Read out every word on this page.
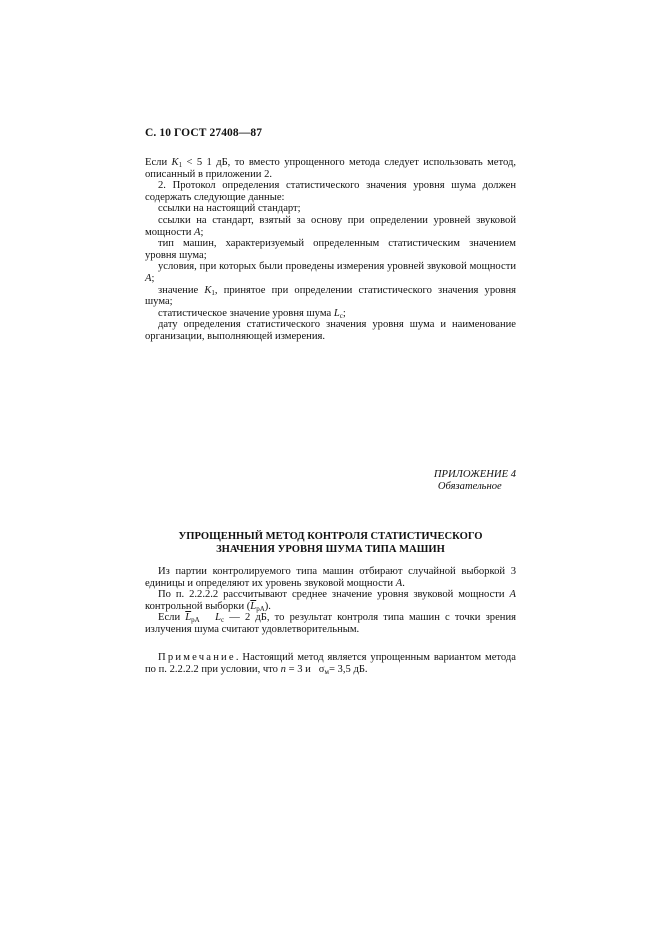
С. 10 ГОСТ 27408—87

Если $K_1 < 5$ 1 дБ, то вместо упрощенного метода следует использовать метод, описанный в приложении 2.

2. Протокол определения статистического значения уровня шума должен содержать следующие данные:

ссылки на настоящий стандарт;

ссылки на стандарт, взятый за основу при определении уровней звуковой мощности А;

тип машин, характеризуемый определенным статистическим значением уровня шума;

условия, при которых были проведены измерения уровней звуковой мощности А;

значение $K_1$, принятое при определении статистического значения уровня шума;

статистическое значение уровня шума $L_c$;

дату определения статистического значения уровня шума и наименование организации, выполняющей измерения.

ПРИЛОЖЕНИЕ 4
Обязательное
УПРОЩЕННЫЙ МЕТОД КОНТРОЛЯ СТАТИСТИЧЕСКОГО
ЗНАЧЕНИЯ УРОВНЯ ШУМА ТИПА МАШИН

Из партии контролируемого типа машин отбирают случайной выборкой 3 единицы и определяют их уровень звуковой мощности А.

По п. 2.2.2.2 рассчитывают среднее значение уровня звуковой мощности А контрольной выборки $(\overline{L}_{pA})$.

Если $\overline{L}_{pA}$ $L_c$ — 2 дБ, то результат контроля типа машин с точки зрения излучения шума считают удовлетворительным.

Примечание. Настоящий метод является упрощенным вариантом метода по п. 2.2.2.2 при условии, что n = 3 и   $\sigma_м= 3,5$ дБ.
